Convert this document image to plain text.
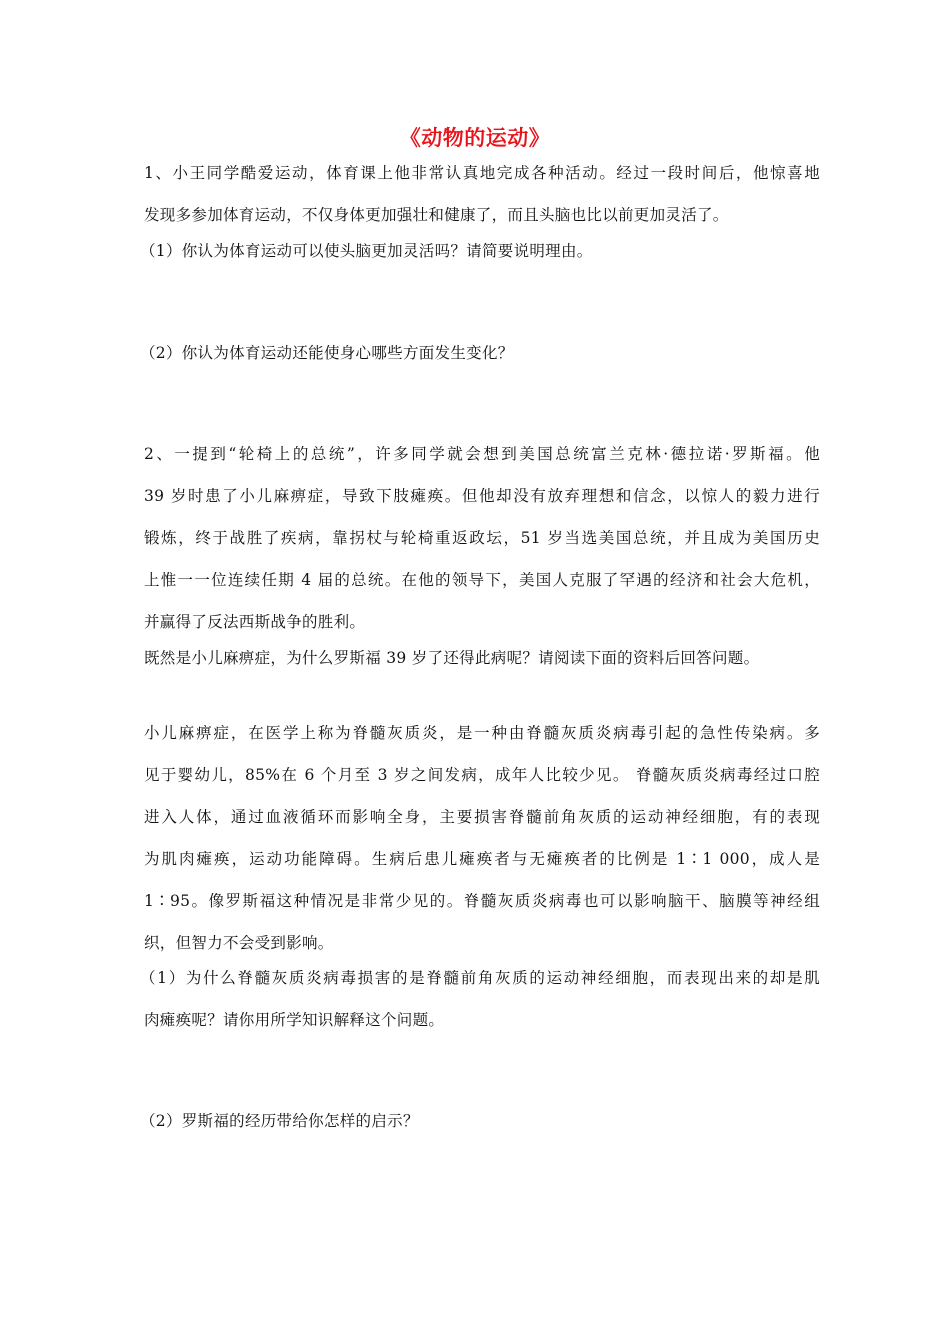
《动物的运动》
1、小王同学酷爱运动，体育课上他非常认真地完成各种活动。经过一段时间后，他惊喜地
发现多参加体育运动，不仅身体更加强壮和健康了，而且头脑也比以前更加灵活了。
（1）你认为体育运动可以使头脑更加灵活吗？请简要说明理由。
（2）你认为体育运动还能使身心哪些方面发生变化？
2、一提到“轮椅上的总统”，许多同学就会想到美国总统富兰克林·德拉诺·罗斯福。他
39 岁时患了小儿麻痹症，导致下肢瘫痪。但他却没有放弃理想和信念，以惊人的毅力进行
锻炼，终于战胜了疾病，靠拐杖与轮椅重返政坛，51 岁当选美国总统，并且成为美国历史
上惟一一位连续任期 4 届的总统。在他的领导下，美国人克服了罕遇的经济和社会大危机，
并赢得了反法西斯战争的胜利。
既然是小儿麻痹症，为什么罗斯福 39 岁了还得此病呢？请阅读下面的资料后回答问题。
小儿麻痹症，在医学上称为脊髓灰质炎，是一种由脊髓灰质炎病毒引起的急性传染病。多
见于婴幼儿，85%在 6 个月至 3 岁之间发病，成年人比较少见。 脊髓灰质炎病毒经过口腔
进入人体，通过血液循环而影响全身，主要损害脊髓前角灰质的运动神经细胞，有的表现
为肌肉瘫痪，运动功能障碍。生病后患儿瘫痪者与无瘫痪者的比例是 1∶1 000，成人是
1∶95。像罗斯福这种情况是非常少见的。脊髓灰质炎病毒也可以影响脑干、脑膜等神经组
织，但智力不会受到影响。
（1）为什么脊髓灰质炎病毒损害的是脊髓前角灰质的运动神经细胞，而表现出来的却是肌
肉瘫痪呢？请你用所学知识解释这个问题。
（2）罗斯福的经历带给你怎样的启示？
